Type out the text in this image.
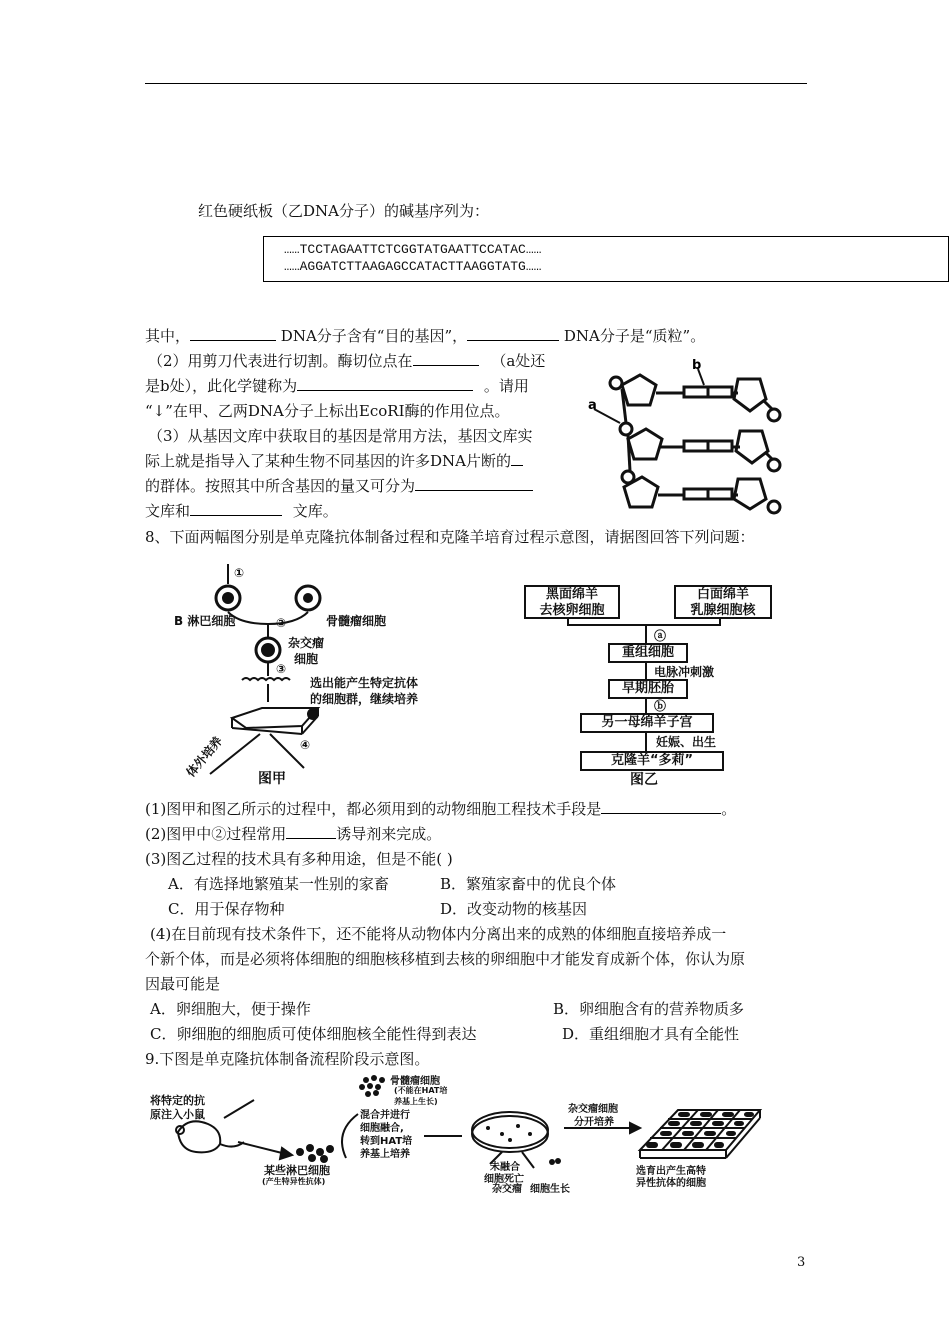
红色硬纸板（乙DNA分子）的碱基序列为：
……TCCTAGAATTCTCGGTATGAATTCCATAC……
……AGGATCTTAAGAGCCATACTTAAGGTATG……
其中，	DNA分子含有“目的基因”，	DNA分子是“质粒”。
（2）用剪刀代表进行切割。酶切位点在	（a处还
是b处），此化学键称为	。请用
“↓”在甲、乙两DNA分子上标出EcoRI酶的作用位点。
（3）从基因文库中获取目的基因是常用方法，基因文库实
际上就是指导入了某种生物不同基因的许多DNA片断的
的群体。按照其中所含基因的量又可分为
文库和	文库。
a
b
8、下面两幅图分别是单克隆抗体制备过程和克隆羊培育过程示意图，请据图回答下列问题：
①
B 淋巴细胞	骨髓瘤细胞
②
杂交瘤
细胞
③
选出能产生特定抗体
的细胞群，继续培养
体外培养	④
图甲
黑面绵羊
去核卵细胞
白面绵羊
乳腺细胞核
ⓐ
重组细胞
电脉冲刺激
早期胚胎
ⓑ
另一母绵羊子宫
妊娠、出生
克隆羊“多莉”
图乙
(1)图甲和图乙所示的过程中，都必须用到的动物细胞工程技术手段是	。
(2)图甲中②过程常用	诱导剂来完成。
(3)图乙过程的技术具有多种用途，但是不能( )
A．有选择地繁殖某一性别的家畜	B．繁殖家畜中的优良个体
C．用于保存物种	D．改变动物的核基因
(4)在目前现有技术条件下，还不能将从动物体内分离出来的成熟的体细胞直接培养成一
个新个体，而是必须将体细胞的细胞核移植到去核的卵细胞中才能发育成新个体，你认为原
因最可能是
A．卵细胞大，便于操作	B．卵细胞含有的营养物质多
C．卵细胞的细胞质可使体细胞核全能性得到表达	D．重组细胞才具有全能性
9.下图是单克隆抗体制备流程阶段示意图。
将特定的抗
原注入小鼠
某些淋巴细胞
(产生特异性抗体)
骨髓瘤细胞
(不能在HAT培
养基上生长)
混合并进行
细胞融合,
转到HAT培
养基上培养
未融合
细胞死亡
杂交瘤 细胞生长
杂交瘤细胞
分开培养
选育出产生高特
异性抗体的细胞
3
